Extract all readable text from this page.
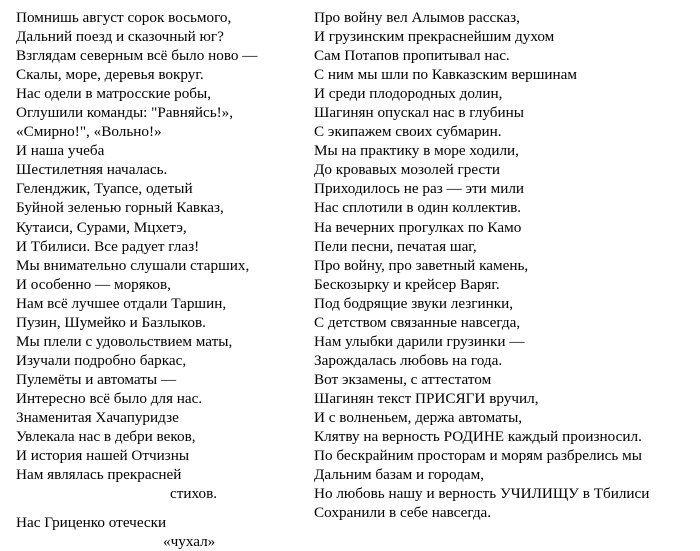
Помнишь август сорок восьмого,
Дальний поезд и сказочный юг?
Взглядам северным всё было ново —
Скалы, море, деревья вокруг.
Нас одели в матросские робы,
Оглушили команды: "Равняйсь!»,
«Смирно!", «Вольно!»
И наша учеба
Шестилетняя началась.
Геленджик, Туапсе, одетый
Буйной зеленью горный Кавказ,
Кутаиси, Сурами, Мцхетэ,
И Тбилиси. Все радует глаз!
Мы внимательно слушали старших,
И особенно — моряков,
Нам всё лучшее отдали Таршин,
Пузин, Шумейко и Базлыков.
Мы плели с удовольствием маты,
Изучали подробно баркас,
Пулемёты и автоматы —
Интересно всё было для нас.
Знаменитая Хачапуридзе
Увлекала нас в дебри веков,
И история нашей Отчизны
Нам являлась прекрасней
стихов.
Нас Гриценко отечески
«чухал»
Про войну вел Алымов рассказ,
И грузинским прекраснейшим духом
Сам Потапов пропитывал нас.
С ним мы шли по Кавказским вершинам
И среди плодородных долин,
Шагинян опускал нас в глубины
С экипажем своих субмарин.
Мы на практику в море ходили,
До кровавых мозолей грести
Приходилось не раз — эти мили
Нас сплотили в один коллектив.
На вечерних прогулках по Камо
Пели песни, печатая шаг,
Про войну, про заветный камень,
Бескозырку и крейсер Варяг.
Под бодрящие звуки лезгинки,
С детством связанные навсегда,
Нам улыбки дарили грузинки —
Зарождалась любовь на года.
Вот экзамены, с аттестатом
Шагинян текст ПРИСЯГИ вручил,
И с волненьем, держа автоматы,
Клятву на верность РОДИНЕ каждый произносил.
По бескрайним просторам и морям разбрелись мы
Дальним базам и городам,
Но любовь нашу и верность УЧИЛИЩУ в Тбилиси
Сохранили в себе навсегда.
